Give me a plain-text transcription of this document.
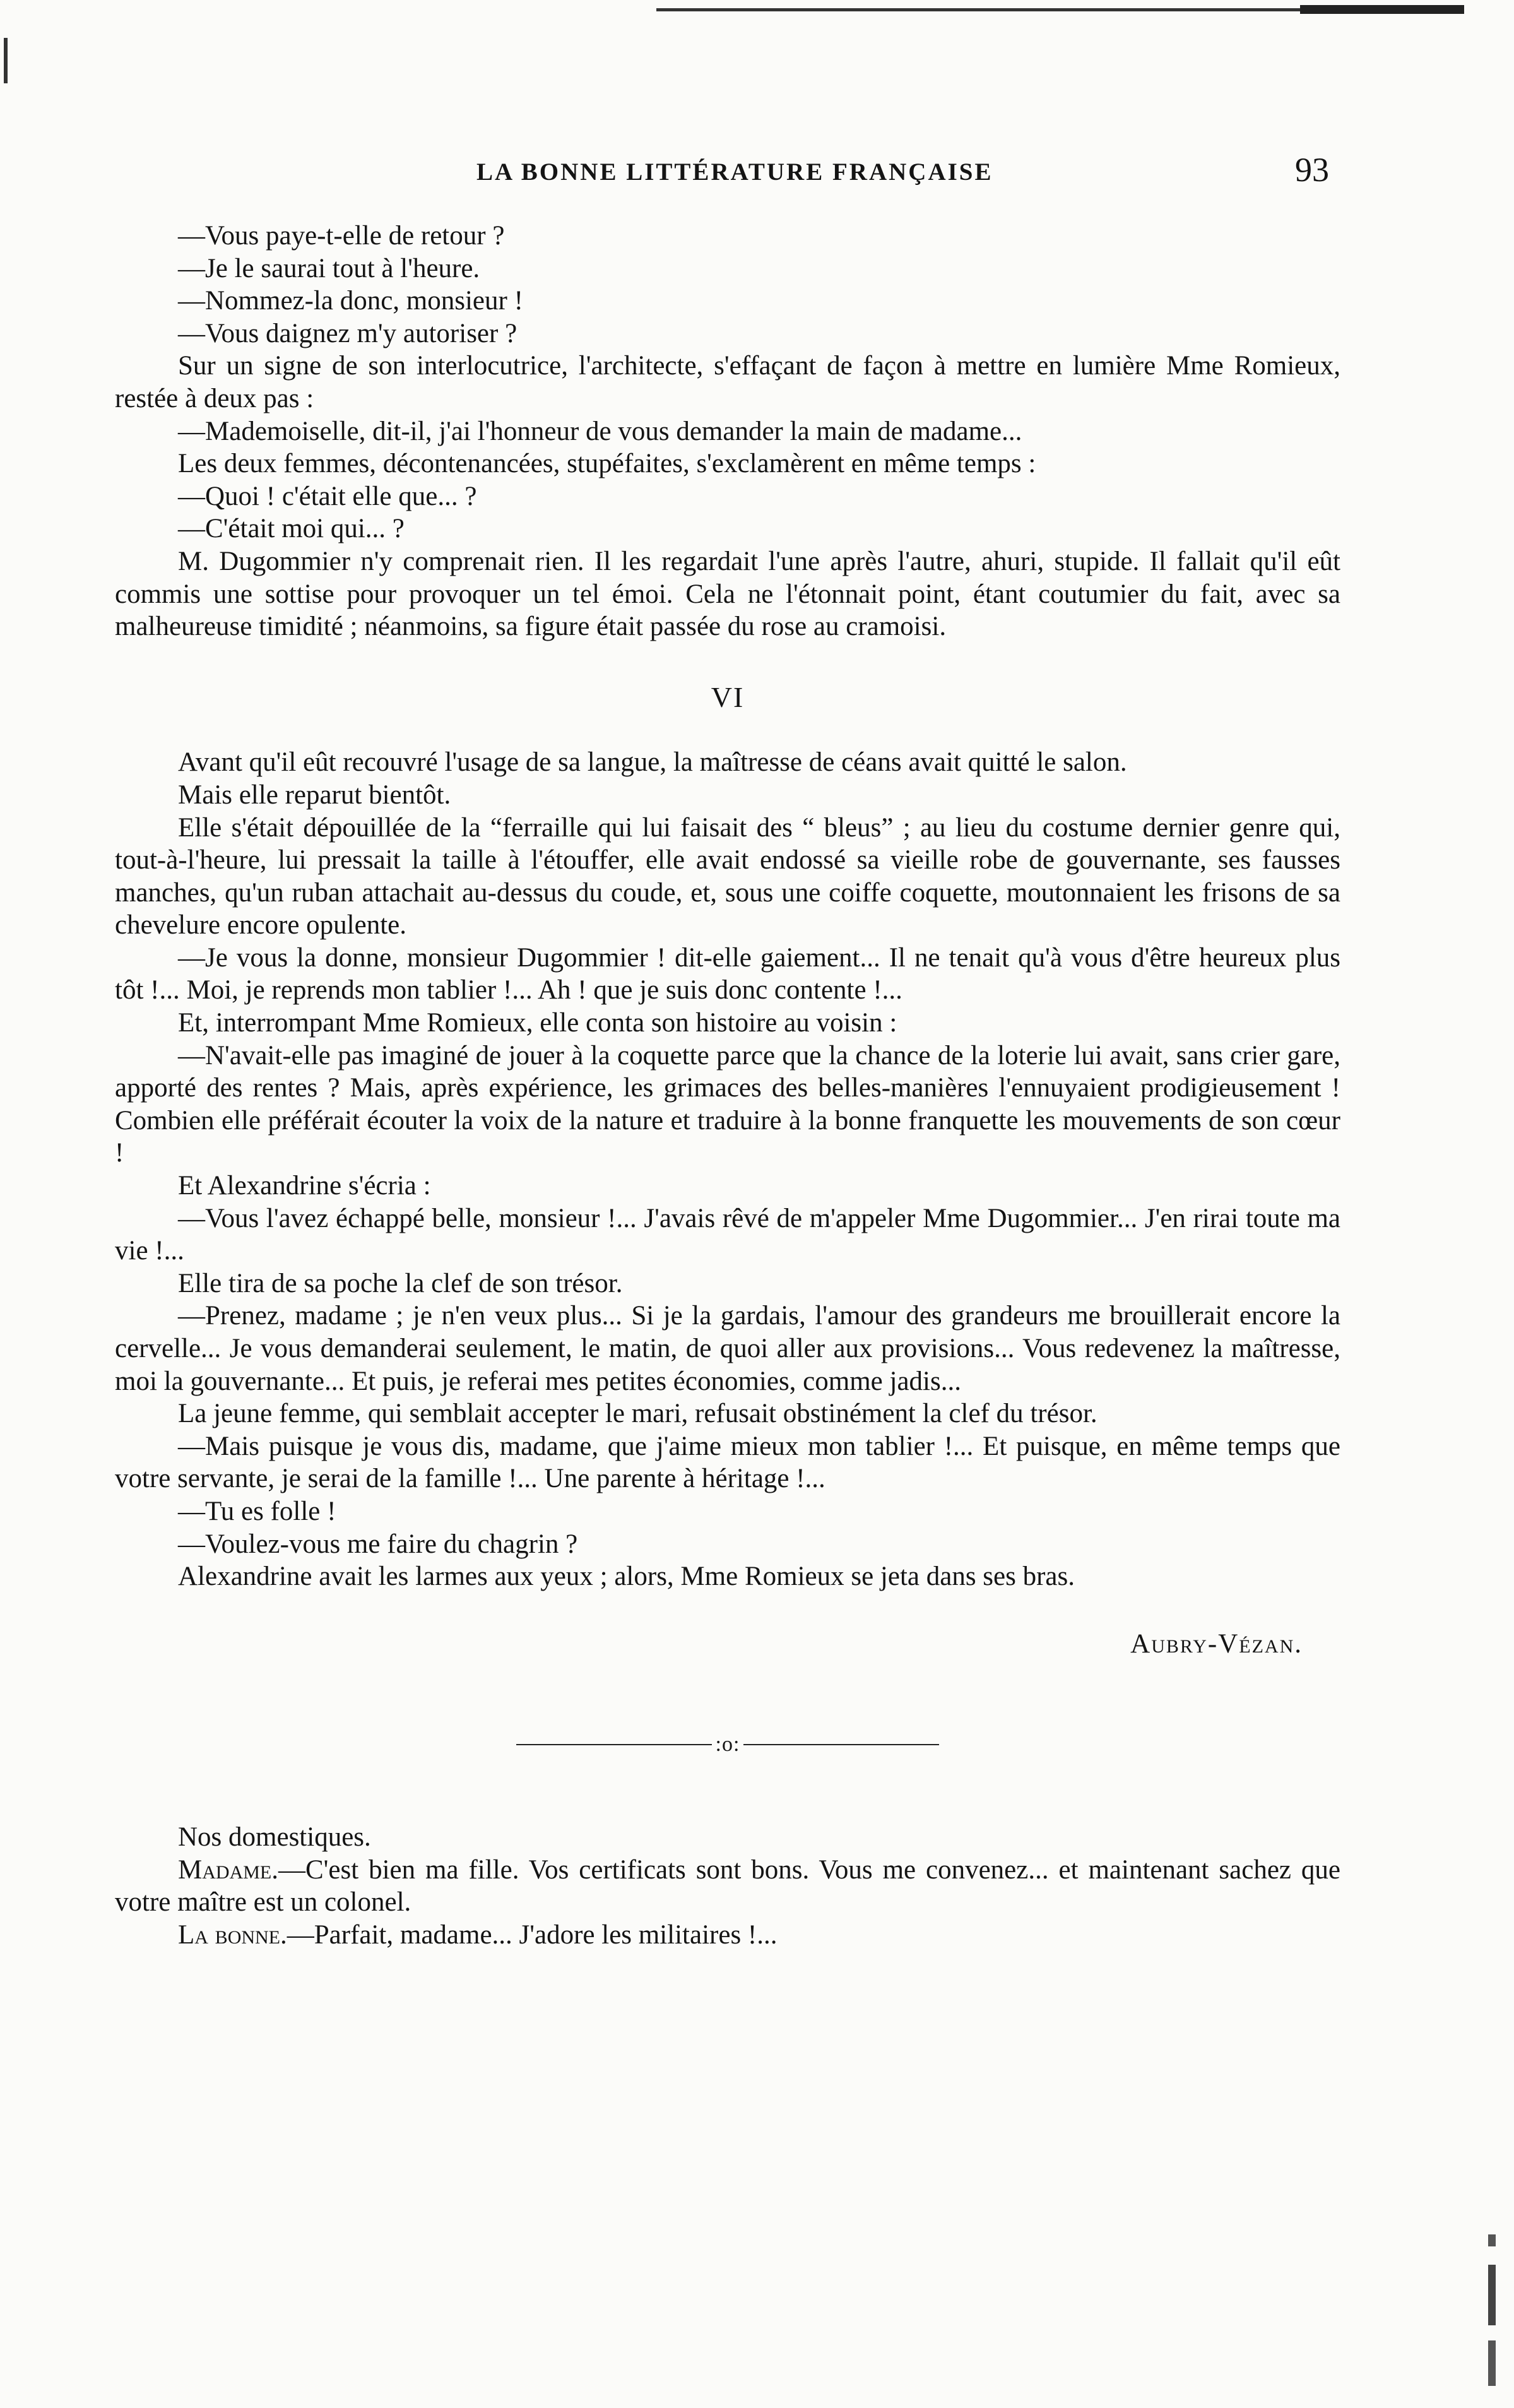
LA BONNE LITTÉRATURE FRANÇAISE	93

—Vous paye-t-elle de retour ?

—Je le saurai tout à l'heure.

—Nommez-la donc, monsieur !

—Vous daignez m'y autoriser ?

Sur un signe de son interlocutrice, l'architecte, s'effaçant de façon à mettre en lumière Mme Romieux, restée à deux pas :

—Mademoiselle, dit-il, j'ai l'honneur de vous demander la main de madame...

Les deux femmes, décontenancées, stupéfaites, s'exclamèrent en même temps :

—Quoi ! c'était elle que... ?

—C'était moi qui... ?

M. Dugommier n'y comprenait rien. Il les regardait l'une après l'autre, ahuri, stupide. Il fallait qu'il eût commis une sottise pour provoquer un tel émoi. Cela ne l'étonnait point, étant coutumier du fait, avec sa malheureuse timidité ; néanmoins, sa figure était passée du rose au cramoisi.

VI

Avant qu'il eût recouvré l'usage de sa langue, la maîtresse de céans avait quitté le salon.

Mais elle reparut bientôt.

Elle s'était dépouillée de la “ferraille qui lui faisait des “ bleus” ; au lieu du costume dernier genre qui, tout-à-l'heure, lui pressait la taille à l'étouffer, elle avait endossé sa vieille robe de gouvernante, ses fausses manches, qu'un ruban attachait au-dessus du coude, et, sous une coiffe coquette, moutonnaient les frisons de sa chevelure encore opulente.

—Je vous la donne, monsieur Dugommier ! dit-elle gaiement... Il ne tenait qu'à vous d'être heureux plus tôt !... Moi, je reprends mon tablier !... Ah ! que je suis donc contente !...

Et, interrompant Mme Romieux, elle conta son histoire au voisin :

—N'avait-elle pas imaginé de jouer à la coquette parce que la chance de la loterie lui avait, sans crier gare, apporté des rentes ? Mais, après expérience, les grimaces des belles-manières l'ennuyaient prodigieusement ! Combien elle préférait écouter la voix de la nature et traduire à la bonne franquette les mouvements de son cœur !

Et Alexandrine s'écria :

—Vous l'avez échappé belle, monsieur !... J'avais rêvé de m'appeler Mme Dugommier... J'en rirai toute ma vie !...

Elle tira de sa poche la clef de son trésor.

—Prenez, madame ; je n'en veux plus... Si je la gardais, l'amour des grandeurs me brouillerait encore la cervelle... Je vous demanderai seulement, le matin, de quoi aller aux provisions... Vous redevenez la maîtresse, moi la gouvernante... Et puis, je referai mes petites économies, comme jadis...

La jeune femme, qui semblait accepter le mari, refusait obstinément la clef du trésor.

—Mais puisque je vous dis, madame, que j'aime mieux mon tablier !... Et puisque, en même temps que votre servante, je serai de la famille !... Une parente à héritage !...

—Tu es folle !

—Voulez-vous me faire du chagrin ?

Alexandrine avait les larmes aux yeux ; alors, Mme Romieux se jeta dans ses bras.

Aubry-Vézan.

:o:

Nos domestiques.

Madame.—C'est bien ma fille. Vos certificats sont bons. Vous me convenez... et maintenant sachez que votre maître est un colonel.

La bonne.—Parfait, madame... J'adore les militaires !...
